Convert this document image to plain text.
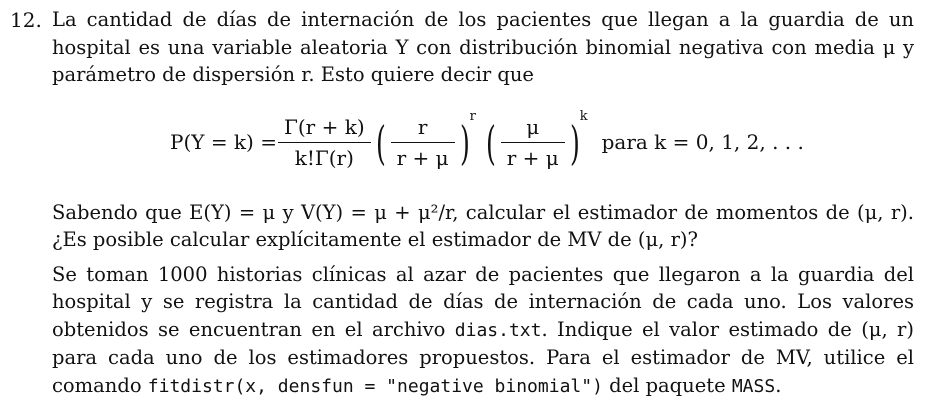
12. La cantidad de días de internación de los pacientes que llegan a la guardia de un hospital es una variable aleatoria Y con distribución binomial negativa con media μ y parámetro de dispersión r. Esto quiere decir que

$P(Y = k) = \frac{\Gamma(r + k)}{k!\Gamma(r)}$ ( $\frac{r}{r + \mu}$ ) r ( $\frac{\mu}{r + \mu}$ ) k
para k = 0, 1, 2, . . .

Sabendo que E(Y) = μ y V(Y) = μ + μ²/r, calcular el estimador de momentos de (μ, r). ¿Es posible calcular explícitamente el estimador de MV de (μ, r)?

Se toman 1000 historias clínicas al azar de pacientes que llegaron a la guardia del hospital y se registra la cantidad de días de internación de cada uno. Los valores obtenidos se encuentran en el archivo dias.txt. Indique el valor estimado de (μ, r) para cada uno de los estimadores propuestos. Para el estimador de MV, utilice el comando fitdistr(x, densfun = "negative binomial") del paquete MASS.
